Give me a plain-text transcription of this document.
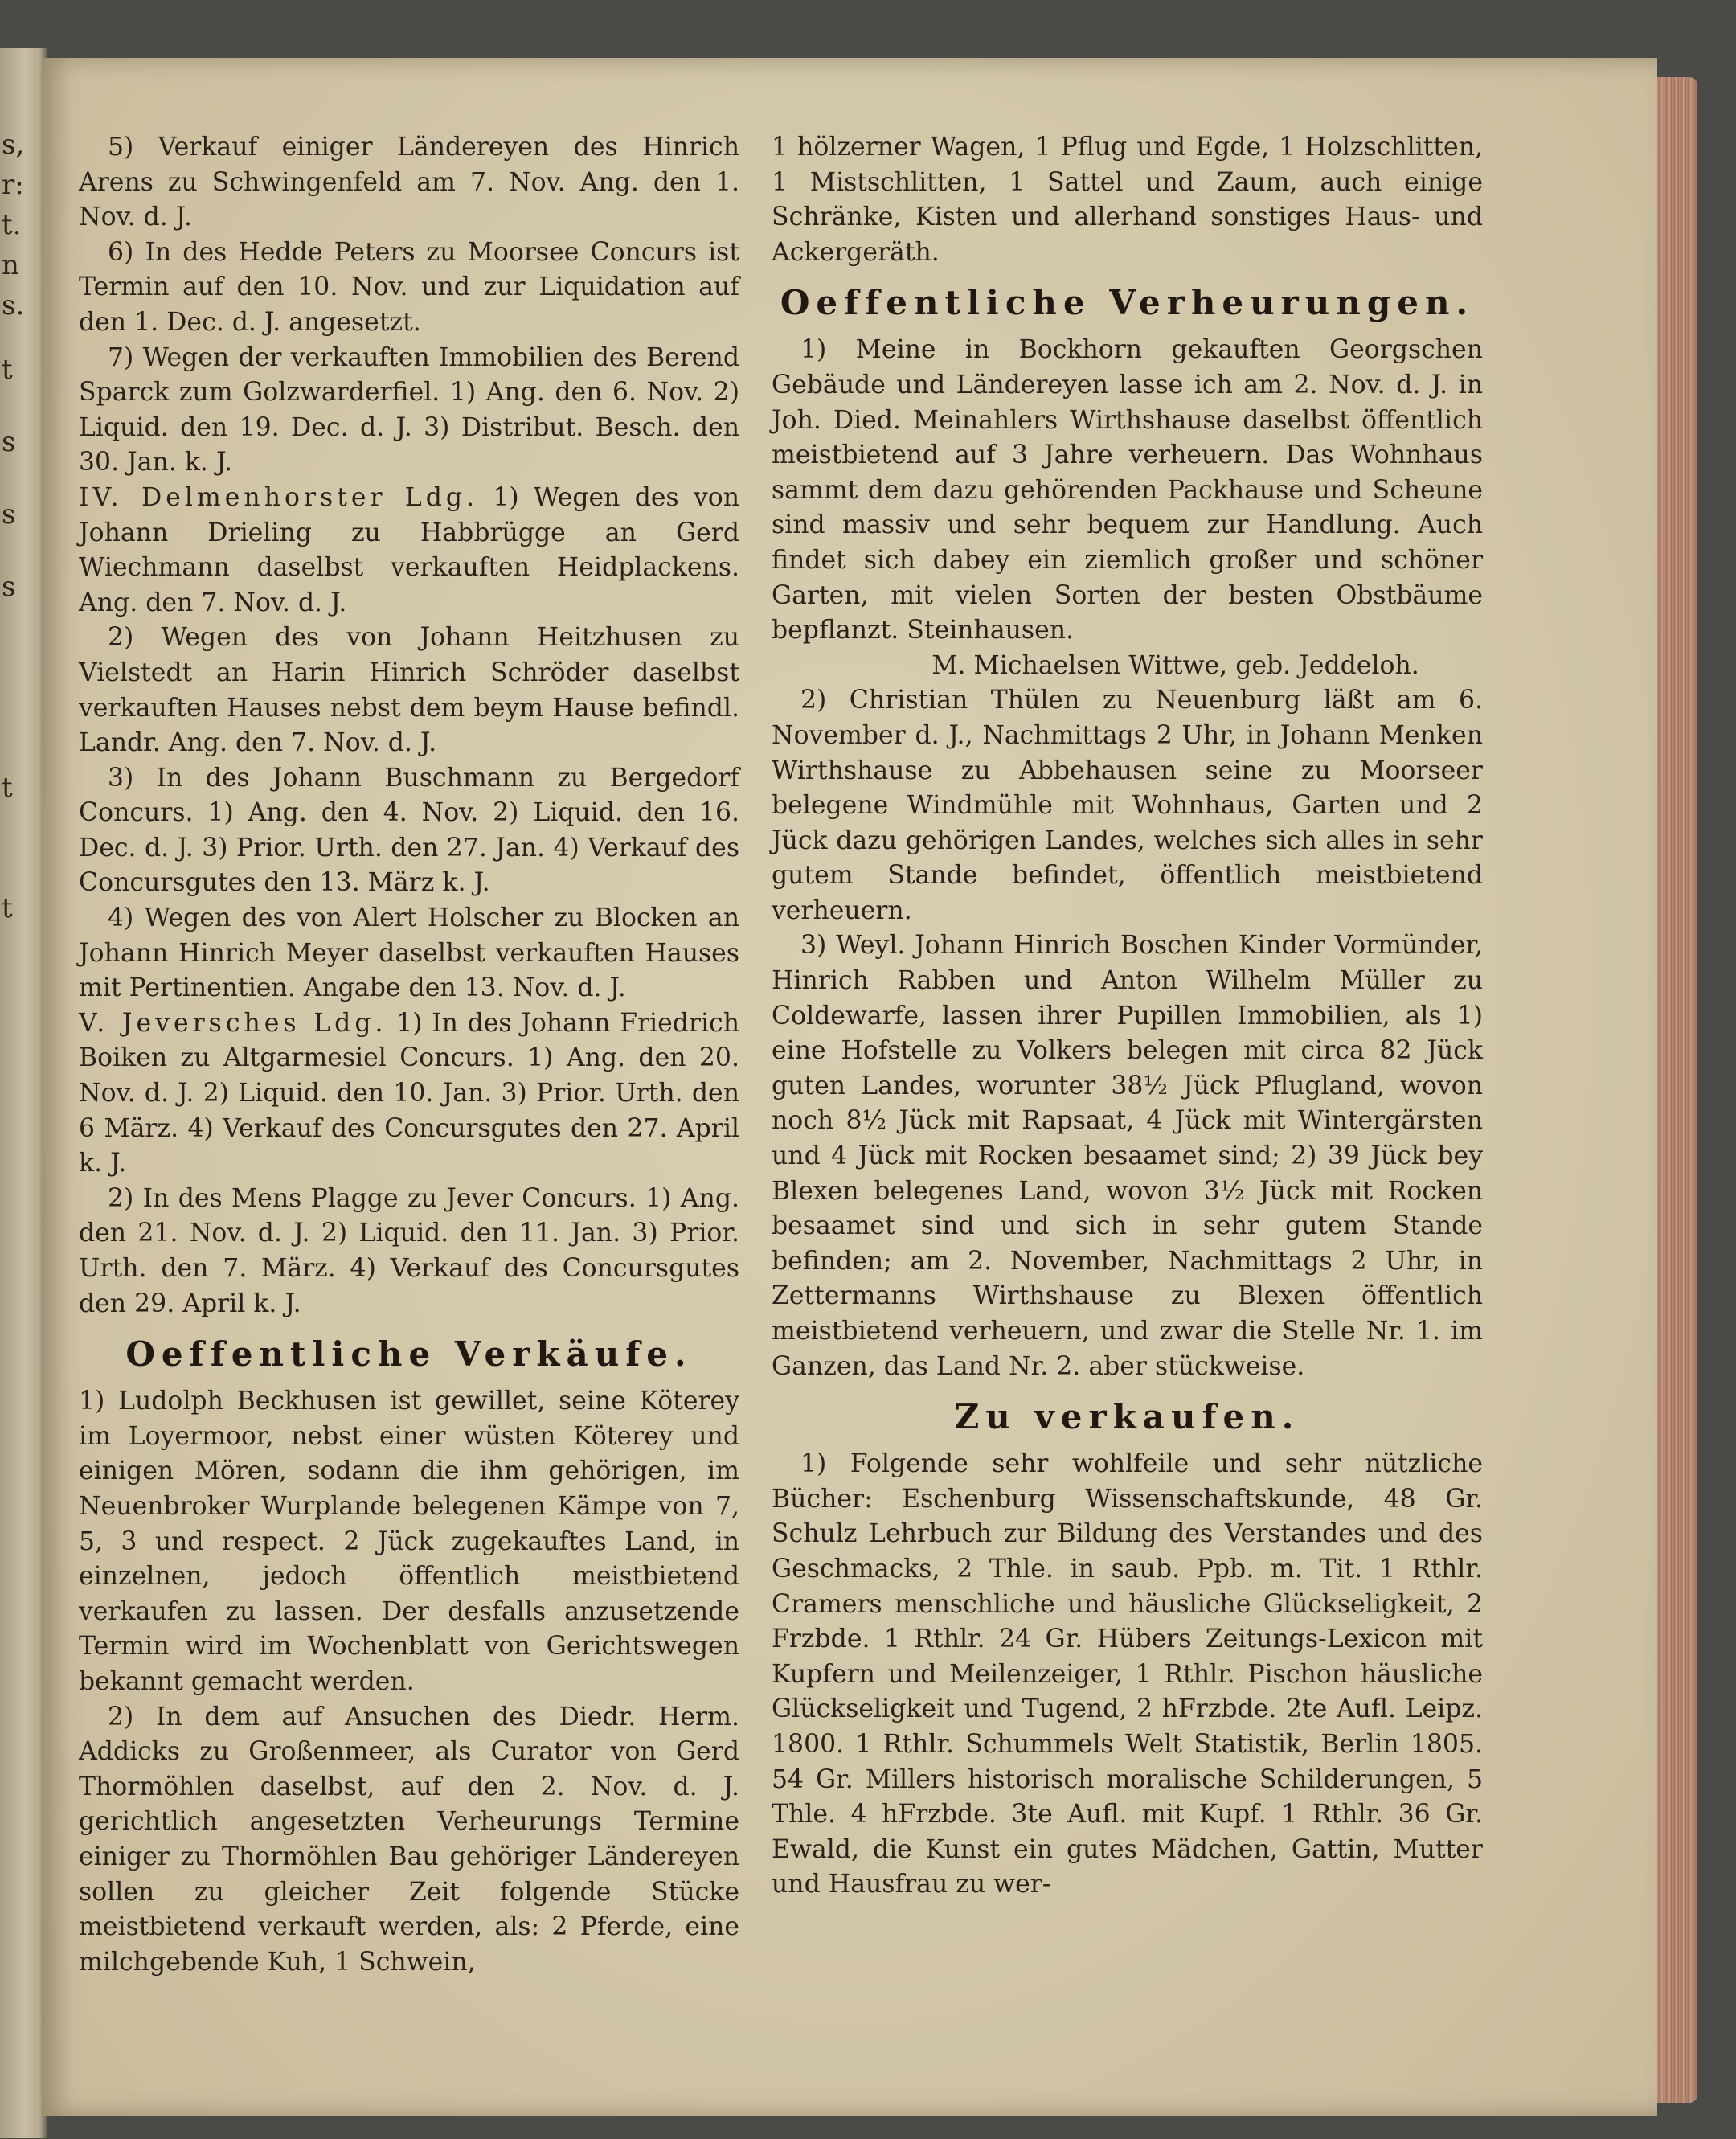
s,
r:
t.
n
s.
t
s
s
s
t
t

5) Verkauf einiger Ländereyen des Hinrich Arens zu Schwingenfeld am 7. Nov. Ang. den 1. Nov. d. J.

6) In des Hedde Peters zu Moorsee Concurs ist Termin auf den 10. Nov. und zur Liquidation auf den 1. Dec. d. J. angesetzt.

7) Wegen der verkauften Immobilien des Berend Sparck zum Golzwarderfiel. 1) Ang. den 6. Nov. 2) Liquid. den 19. Dec. d. J. 3) Distribut. Besch. den 30. Jan. k. J.

IV. Delmenhorster Ldg. 1) Wegen des von Johann Drieling zu Habbrügge an Gerd Wiechmann daselbst verkauften Heidplackens. Ang. den 7. Nov. d. J.

2) Wegen des von Johann Heitzhusen zu Vielstedt an Harin Hinrich Schröder daselbst verkauften Hauses nebst dem beym Hause befindl. Landr. Ang. den 7. Nov. d. J.

3) In des Johann Buschmann zu Bergedorf Concurs. 1) Ang. den 4. Nov. 2) Liquid. den 16. Dec. d. J. 3) Prior. Urth. den 27. Jan. 4) Verkauf des Concursgutes den 13. März k. J.

4) Wegen des von Alert Holscher zu Blocken an Johann Hinrich Meyer daselbst verkauften Hauses mit Pertinentien. Angabe den 13. Nov. d. J.

V. Jeversches Ldg. 1) In des Johann Friedrich Boiken zu Altgarmesiel Concurs. 1) Ang. den 20. Nov. d. J. 2) Liquid. den 10. Jan. 3) Prior. Urth. den 6 März. 4) Verkauf des Concursgutes den 27. April k. J.

2) In des Mens Plagge zu Jever Concurs. 1) Ang. den 21. Nov. d. J. 2) Liquid. den 11. Jan. 3) Prior. Urth. den 7. März. 4) Verkauf des Concursgutes den 29. April k. J.

Oeffentliche Verkäufe.

1) Ludolph Beckhusen ist gewillet, seine Köterey im Loyermoor, nebst einer wüsten Köterey und einigen Mören, sodann die ihm gehörigen, im Neuenbroker Wurplande belegenen Kämpe von 7, 5, 3 und respect. 2 Jück zugekauftes Land, in einzelnen, jedoch öffentlich meistbietend verkaufen zu lassen. Der desfalls anzusetzende Termin wird im Wochenblatt von Gerichtswegen bekannt gemacht werden.

2) In dem auf Ansuchen des Diedr. Herm. Addicks zu Großenmeer, als Curator von Gerd Thormöhlen daselbst, auf den 2. Nov. d. J. gerichtlich angesetzten Verheurungs Termine einiger zu Thormöhlen Bau gehöriger Ländereyen sollen zu gleicher Zeit folgende Stücke meistbietend verkauft werden, als: 2 Pferde, eine milchgebende Kuh, 1 Schwein,

1 hölzerner Wagen, 1 Pflug und Egde, 1 Holzschlitten, 1 Mistschlitten, 1 Sattel und Zaum, auch einige Schränke, Kisten und allerhand sonstiges Haus- und Ackergeräth.

Oeffentliche Verheurungen.

1) Meine in Bockhorn gekauften Georgschen Gebäude und Ländereyen lasse ich am 2. Nov. d. J. in Joh. Died. Meinahlers Wirthshause daselbst öffentlich meistbietend auf 3 Jahre verheuern. Das Wohnhaus sammt dem dazu gehörenden Packhause und Scheune sind massiv und sehr bequem zur Handlung. Auch findet sich dabey ein ziemlich großer und schöner Garten, mit vielen Sorten der besten Obstbäume bepflanzt. Steinhausen.

M. Michaelsen Wittwe, geb. Jeddeloh.

2) Christian Thülen zu Neuenburg läßt am 6. November d. J., Nachmittags 2 Uhr, in Johann Menken Wirthshause zu Abbehausen seine zu Moorseer belegene Windmühle mit Wohnhaus, Garten und 2 Jück dazu gehörigen Landes, welches sich alles in sehr gutem Stande befindet, öffentlich meistbietend verheuern.

3) Weyl. Johann Hinrich Boschen Kinder Vormünder, Hinrich Rabben und Anton Wilhelm Müller zu Coldewarfe, lassen ihrer Pupillen Immobilien, als 1) eine Hofstelle zu Volkers belegen mit circa 82 Jück guten Landes, worunter 38½ Jück Pflugland, wovon noch 8½ Jück mit Rapsaat, 4 Jück mit Wintergärsten und 4 Jück mit Rocken besaamet sind; 2) 39 Jück bey Blexen belegenes Land, wovon 3½ Jück mit Rocken besaamet sind und sich in sehr gutem Stande befinden; am 2. November, Nachmittags 2 Uhr, in Zettermanns Wirthshause zu Blexen öffentlich meistbietend verheuern, und zwar die Stelle Nr. 1. im Ganzen, das Land Nr. 2. aber stückweise.

Zu verkaufen.

1) Folgende sehr wohlfeile und sehr nützliche Bücher: Eschenburg Wissenschaftskunde, 48 Gr. Schulz Lehrbuch zur Bildung des Verstandes und des Geschmacks, 2 Thle. in saub. Ppb. m. Tit. 1 Rthlr. Cramers menschliche und häusliche Glückseligkeit, 2 Frzbde. 1 Rthlr. 24 Gr. Hübers Zeitungs-Lexicon mit Kupfern und Meilenzeiger, 1 Rthlr. Pischon häusliche Glückseligkeit und Tugend, 2 hFrzbde. 2te Aufl. Leipz. 1800. 1 Rthlr. Schummels Welt Statistik, Berlin 1805. 54 Gr. Millers historisch moralische Schilderungen, 5 Thle. 4 hFrzbde. 3te Aufl. mit Kupf. 1 Rthlr. 36 Gr. Ewald, die Kunst ein gutes Mädchen, Gattin, Mutter und Hausfrau zu wer-
